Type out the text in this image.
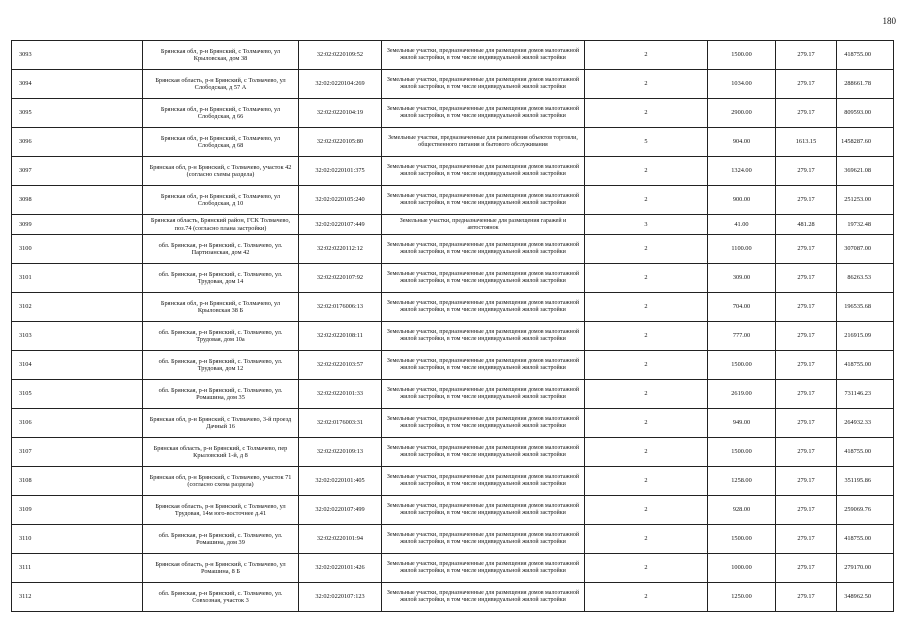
180
3093	Брянская обл, р-н Брянский, с Толмачево, ул Крыловская, дом 38	32:02:0220109:52	Земельные участки, предназначенные для размещения домов малоэтажной жилой застройки, в том числе индивидуальной жилой застройки	2	1500.00	279.17	418755.00
3094	Брянская область, р-н Брянский, с Толмачево, ул Слободская, д 57 А	32:02:0220104:269	Земельные участки, предназначенные для размещения домов малоэтажной жилой застройки, в том числе индивидуальной жилой застройки	2	1034.00	279.17	288661.78
3095	Брянская обл, р-н Брянский, с Толмачево, ул Слободская, д 66	32:02:0220104:19	Земельные участки, предназначенные для размещения домов малоэтажной жилой застройки, в том числе индивидуальной жилой застройки	2	2900.00	279.17	809593.00
3096	Брянская обл, р-н Брянский, с Толмачево, ул Слободская, д 68	32:02:0220105:80	Земельные участки, предназначенные для размещения объектов торговли, общественного питания и бытового обслуживания	5	904.00	1613.15	1458287.60
3097	Брянская обл, р-н Брянский, с Толмачево, участок 42 (согласно схемы раздела)	32:02:0220101:375	Земельные участки, предназначенные для размещения домов малоэтажной жилой застройки, в том числе индивидуальной жилой застройки	2	1324.00	279.17	369621.08
3098	Брянская обл, р-н Брянский, с Толмачево, ул Слободская, д 10	32:02:0220105:240	Земельные участки, предназначенные для размещения домов малоэтажной жилой застройки, в том числе индивидуальной жилой застройки	2	900.00	279.17	251253.00
3099	Брянская область, Брянский район, ГСК Толмачево, поз.74 (согласно плана застройки)	32:02:0220107:449	Земельные участки, предназначенные для размещения гаражей и автостоянок	3	41.00	481.28	19732.48
3100	обл. Брянская, р-н Брянский, с. Толмачево, ул. Партизанская, дом 42	32:02:0220112:12	Земельные участки, предназначенные для размещения домов малоэтажной жилой застройки, в том числе индивидуальной жилой застройки	2	1100.00	279.17	307087.00
3101	обл. Брянская, р-н Брянский, с. Толмачево, ул. Трудовая, дом 14	32:02:0220107:92	Земельные участки, предназначенные для размещения домов малоэтажной жилой застройки, в том числе индивидуальной жилой застройки	2	309.00	279.17	86263.53
3102	Брянская обл, р-н Брянский, с Толмачево, ул Крыловская 38 Б	32:02:0176006:13	Земельные участки, предназначенные для размещения домов малоэтажной жилой застройки, в том числе индивидуальной жилой застройки	2	704.00	279.17	196535.68
3103	обл. Брянская, р-н Брянский, с. Толмачево, ул. Трудовая, дом 10а	32:02:0220108:11	Земельные участки, предназначенные для размещения домов малоэтажной жилой застройки, в том числе индивидуальной жилой застройки	2	777.00	279.17	216915.09
3104	обл. Брянская, р-н Брянский, с. Толмачево, ул. Трудовая, дом 12	32:02:0220103:57	Земельные участки, предназначенные для размещения домов малоэтажной жилой застройки, в том числе индивидуальной жилой застройки	2	1500.00	279.17	418755.00
3105	обл. Брянская, р-н Брянский, с. Толмачево, ул. Ромашина, дом 35	32:02:0220101:33	Земельные участки, предназначенные для размещения домов малоэтажной жилой застройки, в том числе индивидуальной жилой застройки	2	2619.00	279.17	731146.23
3106	Брянская обл, р-н Брянский, с Толмачево, 3-й проезд Дачный 16	32:02:0176003:31	Земельные участки, предназначенные для размещения домов малоэтажной жилой застройки, в том числе индивидуальной жилой застройки	2	949.00	279.17	264932.33
3107	Брянская область, р-н Брянский, с Толмачево, пер Крыловский 1-й, д 8	32:02:0220109:13	Земельные участки, предназначенные для размещения домов малоэтажной жилой застройки, в том числе индивидуальной жилой застройки	2	1500.00	279.17	418755.00
3108	Брянская обл, р-н Брянский, с Толмачево, участок 71 (согласно схема раздела)	32:02:0220101:405	Земельные участки, предназначенные для размещения домов малоэтажной жилой застройки, в том числе индивидуальной жилой застройки	2	1258.00	279.17	351195.86
3109	Брянская область, р-н Брянский, с Толмачево, ул Трудовая, 14м юго-восточнее д.41	32:02:0220107:499	Земельные участки, предназначенные для размещения домов малоэтажной жилой застройки, в том числе индивидуальной жилой застройки	2	928.00	279.17	259069.76
3110	обл. Брянская, р-н Брянский, с. Толмачево, ул. Ромашина, дом 39	32:02:0220101:94	Земельные участки, предназначенные для размещения домов малоэтажной жилой застройки, в том числе индивидуальной жилой застройки	2	1500.00	279.17	418755.00
3111	Брянская область, р-н Брянский, с Толмачево, ул Ромашина, 8 Б	32:02:0220101:426	Земельные участки, предназначенные для размещения домов малоэтажной жилой застройки, в том числе индивидуальной жилой застройки	2	1000.00	279.17	279170.00
3112	обл. Брянская, р-н Брянский, с. Толмачево, ул. Совхозная, участок 3	32:02:0220107:123	Земельные участки, предназначенные для размещения домов малоэтажной жилой застройки, в том числе индивидуальной жилой застройки	2	1250.00	279.17	348962.50
